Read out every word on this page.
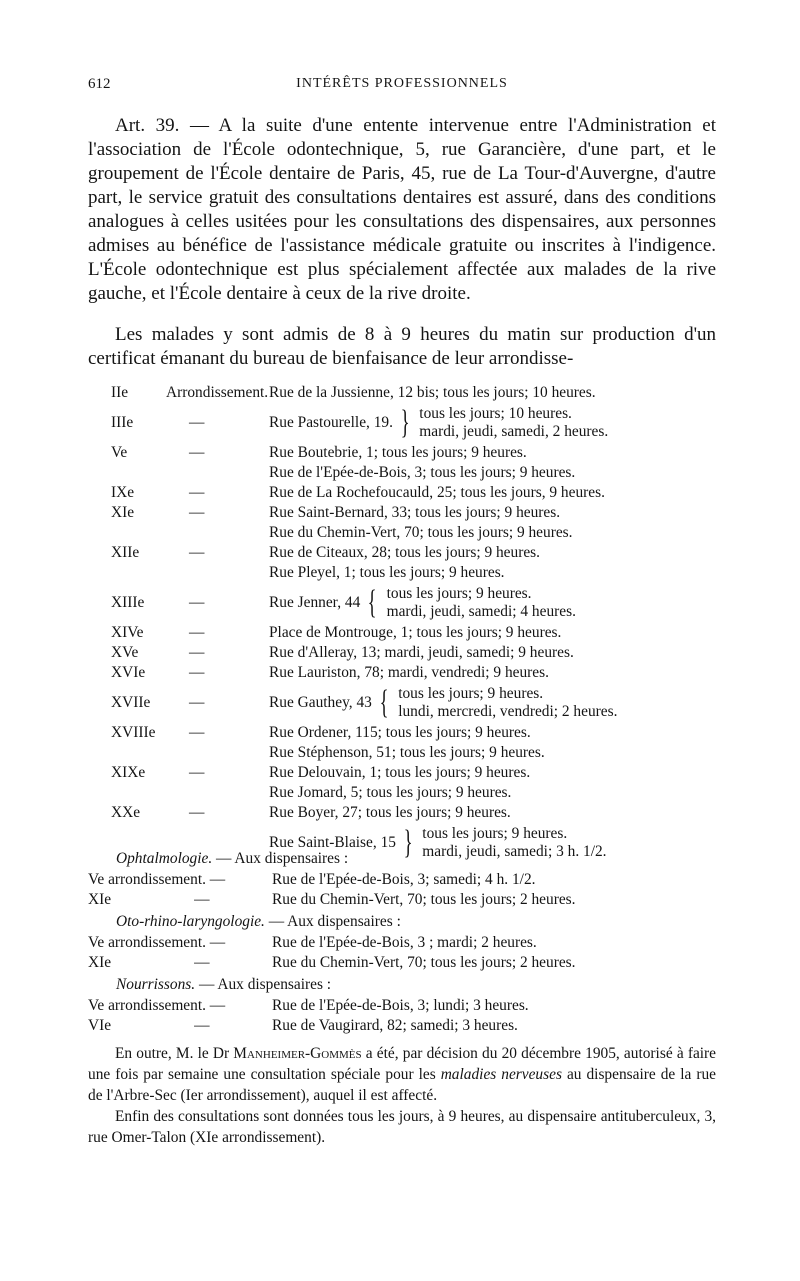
612	INTÉRÊTS PROFESSIONNELS
Art. 39. — A la suite d'une entente intervenue entre l'Administration et l'association de l'École odontechnique, 5, rue Garancière, d'une part, et le groupement de l'École dentaire de Paris, 45, rue de La Tour-d'Auvergne, d'autre part, le service gratuit des consultations dentaires est assuré, dans des conditions analogues à celles usitées pour les consultations des dispensaires, aux personnes admises au bénéfice de l'assistance médicale gratuite ou inscrites à l'indigence. L'École odontechnique est plus spécialement affectée aux malades de la rive gauche, et l'École dentaire à ceux de la rive droite.
Les malades y sont admis de 8 à 9 heures du matin sur production d'un certificat émanant du bureau de bienfaisance de leur arrondisse-
IIe	Arrondissement. Rue de la Jussienne, 12 bis; tous les jours; 10 heures.
IIIe	—	Rue Pastourelle, 19. } tous les jours; 10 heures.
mardi, jeudi, samedi, 2 heures.
Ve	—	Rue Boutebrie, 1; tous les jours; 9 heures.
Rue de l'Epée-de-Bois, 3; tous les jours; 9 heures.
IXe	—	Rue de La Rochefoucauld, 25; tous les jours, 9 heures.
XIe	—	Rue Saint-Bernard, 33; tous les jours; 9 heures.
Rue du Chemin-Vert, 70; tous les jours; 9 heures.
XIIe	—	Rue de Citeaux, 28; tous les jours; 9 heures.
Rue Pleyel, 1; tous les jours; 9 heures.
XIIIe	—	Rue Jenner, 44 { tous les jours; 9 heures.
mardi, jeudi, samedi; 4 heures.
XIVe	—	Place de Montrouge, 1; tous les jours; 9 heures.
XVe	—	Rue d'Alleray, 13; mardi, jeudi, samedi; 9 heures.
XVIe	—	Rue Lauriston, 78; mardi, vendredi; 9 heures.
XVIIe	—	Rue Gauthey, 43 { tous les jours; 9 heures.
lundi, mercredi, vendredi; 2 heures.
XVIIIe	—	Rue Ordener, 115; tous les jours; 9 heures.
Rue Stéphenson, 51; tous les jours; 9 heures.
XIXe	—	Rue Delouvain, 1; tous les jours; 9 heures.
Rue Jomard, 5; tous les jours; 9 heures.
XXe	—	Rue Boyer, 27; tous les jours; 9 heures.
Rue Saint-Blaise, 15 } tous les jours; 9 heures.
mardi, jeudi, samedi; 3 h. 1/2.
Ophtalmologie. — Aux dispensaires :
Ve arrondissement. —	Rue de l'Epée-de-Bois, 3; samedi; 4 h. 1/2.
XIe	—	Rue du Chemin-Vert, 70; tous les jours; 2 heures.
Oto-rhino-laryngologie. — Aux dispensaires :
Ve arrondissement. —	Rue de l'Epée-de-Bois, 3 ; mardi; 2 heures.
XIe	—	Rue du Chemin-Vert, 70; tous les jours; 2 heures.
Nourrissons. — Aux dispensaires :
Ve arrondissement. —	Rue de l'Epée-de-Bois, 3; lundi; 3 heures.
VIe	—	Rue de Vaugirard, 82; samedi; 3 heures.

En outre, M. le Dr Manheimer-Gommès a été, par décision du 20 décembre 1905, autorisé à faire une fois par semaine une consultation spéciale pour les maladies nerveuses au dispensaire de la rue de l'Arbre-Sec (Ier arrondissement), auquel il est affecté.

Enfin des consultations sont données tous les jours, à 9 heures, au dispensaire antituberculeux, 3, rue Omer-Talon (XIe arrondissement).
